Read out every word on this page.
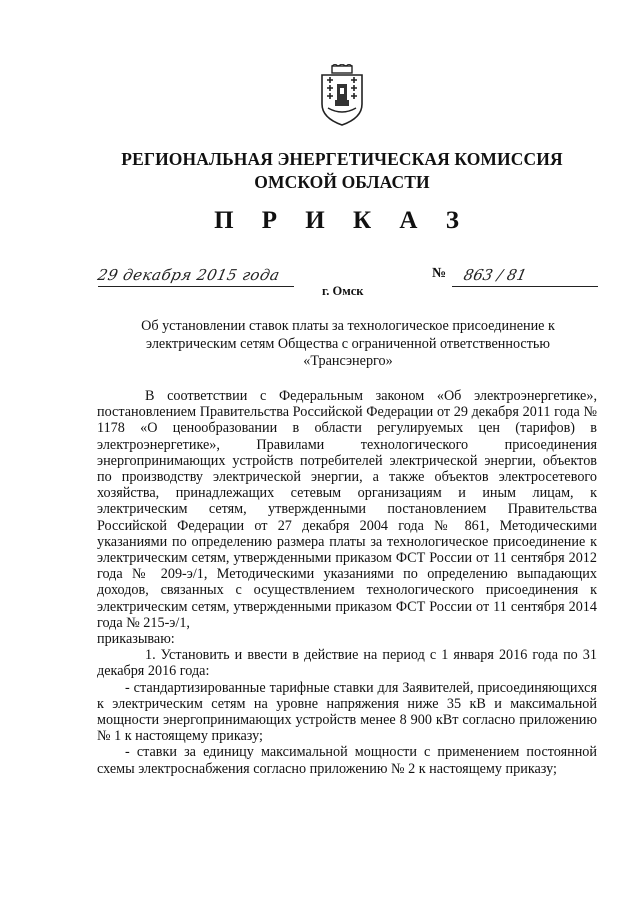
РЕГИОНАЛЬНАЯ ЭНЕРГЕТИЧЕСКАЯ КОМИССИЯ
ОМСКОЙ ОБЛАСТИ
П Р И К А З
29 декабря 2015 года
г. Омск
№ 863 / 81
Об установлении ставок платы за технологическое присоединение к
электрическим сетям Общества с ограниченной ответственностью
«Трансэнерго»

В соответствии с Федеральным законом «Об электроэнергетике», постановлением Правительства Российской Федерации от 29 декабря 2011 года № 1178 «О ценообразовании в области регулируемых цен (тарифов) в электроэнергетике», Правилами технологического присоединения энергопринимающих устройств потребителей электрической энергии, объектов по производству электрической энергии, а также объектов электросетевого хозяйства, принадлежащих сетевым организациям и иным лицам, к электрическим сетям, утвержденными постановлением Правительства Российской Федерации от 27 декабря 2004 года № 861, Методическими указаниями по определению размера платы за технологическое присоединение к электрическим сетям, утвержденными приказом ФСТ России от 11 сентября 2012 года № 209-э/1, Методическими указаниями по определению выпадающих доходов, связанных с осуществлением технологического присоединения к электрическим сетям, утвержденными приказом ФСТ России от 11 сентября 2014 года № 215-э/1,

приказываю:

1. Установить и ввести в действие на период с 1 января 2016 года по 31 декабря 2016 года:

- стандартизированные тарифные ставки для Заявителей, присоединяющихся к электрическим сетям на уровне напряжения ниже 35 кВ и максимальной мощности энергопринимающих устройств менее 8 900 кВт согласно приложению № 1 к настоящему приказу;

- ставки за единицу максимальной мощности с применением постоянной схемы электроснабжения согласно приложению № 2 к настоящему приказу;
